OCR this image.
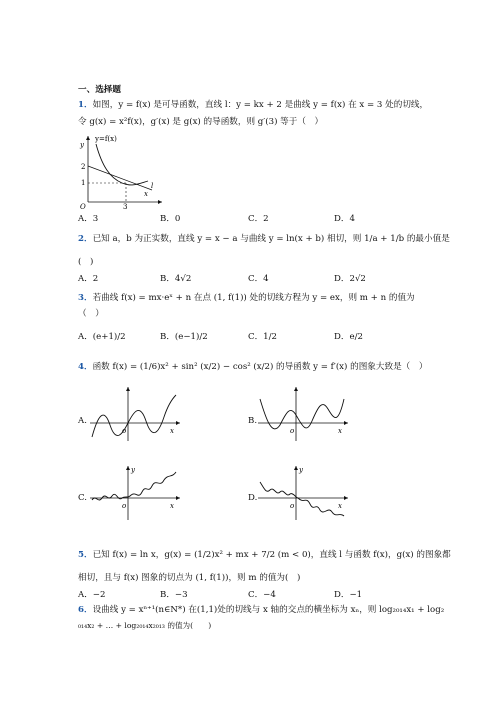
一、选择题
1．如图，y = f(x) 是可导函数，直线 l：y = kx + 2 是曲线 y = f(x) 在 x = 3 处的切线，
令 g(x) = x²f(x)，g′(x) 是 g(x) 的导函数，则 g′(3) 等于（　）
y=f(x)
y
2
1
O	3
x
l
A．3	B．0	C．2	D．4
2．已知 a，b 为正实数，直线 y = x − a 与曲线 y = ln(x + b) 相切，则 1/a + 1/b 的最小值是
(　)
A．2	B．4√2	C．4	D．2√2
3．若曲线 f(x) = mx·eˣ + n 在点 (1, f(1)) 处的切线方程为 y = ex，则 m + n 的值为
（　）
A．(e+1)/2	B．(e−1)/2	C．1/2	D．e/2
4．函数 f(x) = (1/6)x² + sin² (x/2) − cos² (x/2) 的导函数 y = f′(x) 的图象大致是（　）
A.
o	x
B.
o	x
C.
o	x
y
D.
o	x
y
5．已知 f(x) = ln x，g(x) = (1/2)x² + mx + 7/2 (m < 0)，直线 l 与函数 f(x)，g(x) 的图象都
相切，且与 f(x) 图象的切点为 (1, f(1))，则 m 的值为(　)
A．−2	B．−3	C．−4	D．−1
6．设曲线 y = xⁿ⁺¹(n∈N*) 在(1,1)处的切线与 x 轴的交点的横坐标为 xₙ，则 log₂₀₁₄x₁ + log₂
₀₁₄x₂ + … + log₂₀₁₄x₂₀₁₃ 的值为(　　)
